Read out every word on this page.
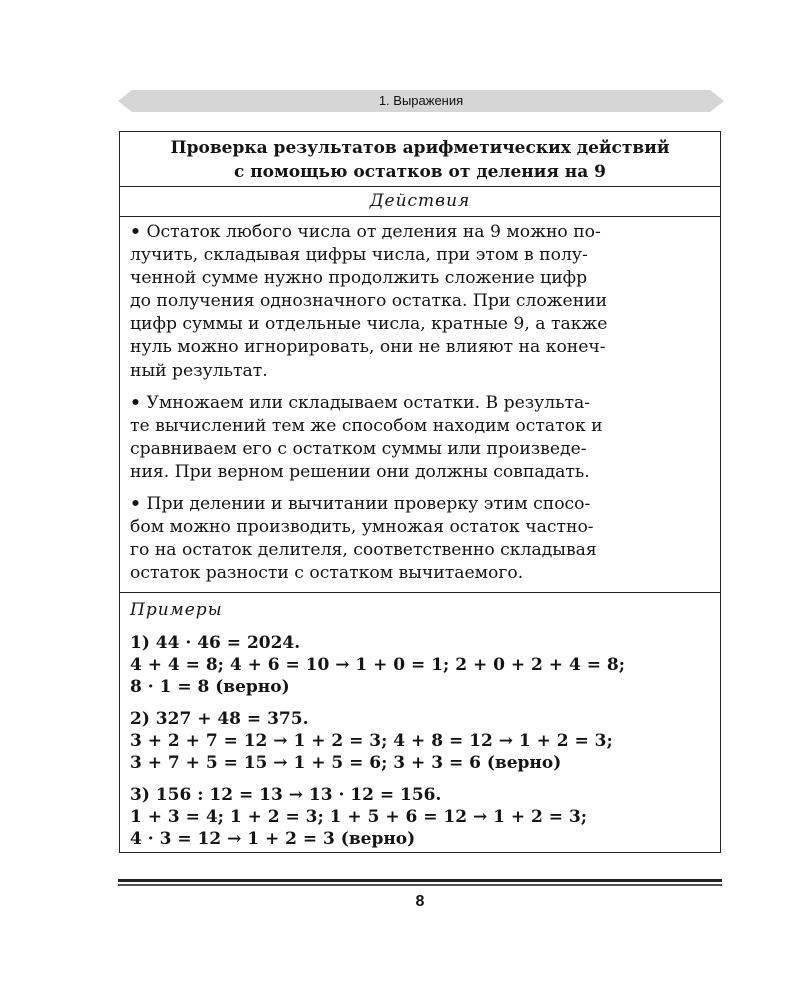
1. Выражения
Проверка результатов арифметических действий
с помощью остатков от деления на 9
Действия
• Остаток любого числа от деления на 9 можно по-
лучить, складывая цифры числа, при этом в полу-
ченной сумме нужно продолжить сложение цифр
до получения однозначного остатка. При сложении
цифр суммы и отдельные числа, кратные 9, а также
нуль можно игнорировать, они не влияют на конеч-
ный результат.
• Умножаем или складываем остатки. В результа-
те вычислений тем же способом находим остаток и
сравниваем его с остатком суммы или произведе-
ния. При верном решении они должны совпадать.
• При делении и вычитании проверку этим спосо-
бом можно производить, умножая остаток частно-
го на остаток делителя, соответственно складывая
остаток разности с остатком вычитаемого.
Примеры
1) 44 · 46 = 2024.
4 + 4 = 8; 4 + 6 = 10 → 1 + 0 = 1; 2 + 0 + 2 + 4 = 8;
8 · 1 = 8 (верно)
2) 327 + 48 = 375.
3 + 2 + 7 = 12 → 1 + 2 = 3; 4 + 8 = 12 → 1 + 2 = 3;
3 + 7 + 5 = 15 → 1 + 5 = 6; 3 + 3 = 6 (верно)
3) 156 : 12 = 13 → 13 · 12 = 156.
1 + 3 = 4; 1 + 2 = 3; 1 + 5 + 6 = 12 → 1 + 2 = 3;
4 · 3 = 12 → 1 + 2 = 3 (верно)
8
